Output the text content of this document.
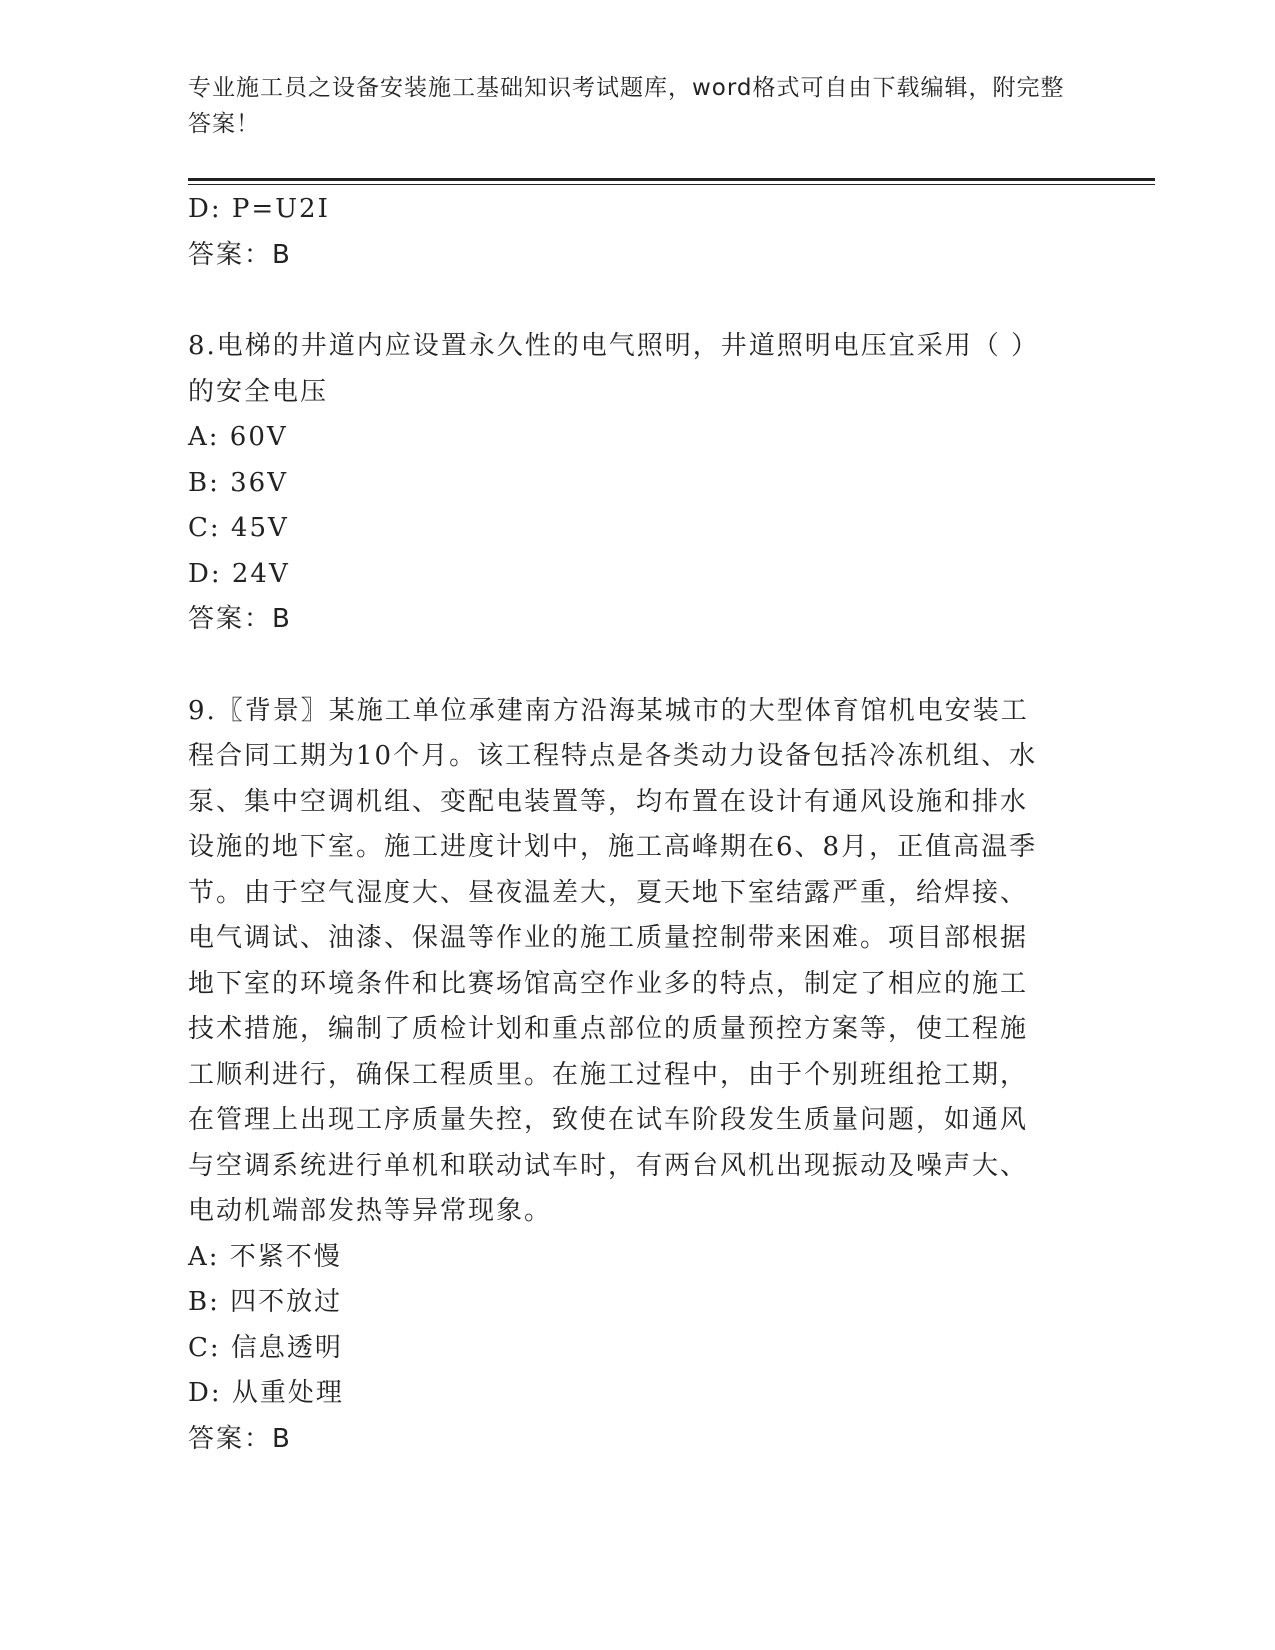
专业施工员之设备安装施工基础知识考试题库，word格式可自由下载编辑，附完整答案！
D: P=U2I
答案：B
8.电梯的井道内应设置永久性的电气照明，井道照明电压宜采用（ ）
的安全电压
A: 60V
B: 36V
C: 45V
D: 24V
答案：B
9.〖背景〗某施工单位承建南方沿海某城市的大型体育馆机电安装工
程合同工期为10个月。该工程特点是各类动力设备包括冷冻机组、水
泵、集中空调机组、变配电装置等，均布置在设计有通风设施和排水
设施的地下室。施工进度计划中，施工高峰期在6、8月，正值高温季
节。由于空气湿度大、昼夜温差大，夏天地下室结露严重，给焊接、
电气调试、油漆、保温等作业的施工质量控制带来困难。项目部根据
地下室的环境条件和比赛场馆高空作业多的特点，制定了相应的施工
技术措施，编制了质检计划和重点部位的质量预控方案等，使工程施
工顺利进行，确保工程质里。在施工过程中，由于个别班组抢工期，
在管理上出现工序质量失控，致使在试车阶段发生质量问题，如通风
与空调系统进行单机和联动试车时，有两台风机出现振动及噪声大、
电动机端部发热等异常现象。
A: 不紧不慢
B: 四不放过
C: 信息透明
D: 从重处理
答案：B
